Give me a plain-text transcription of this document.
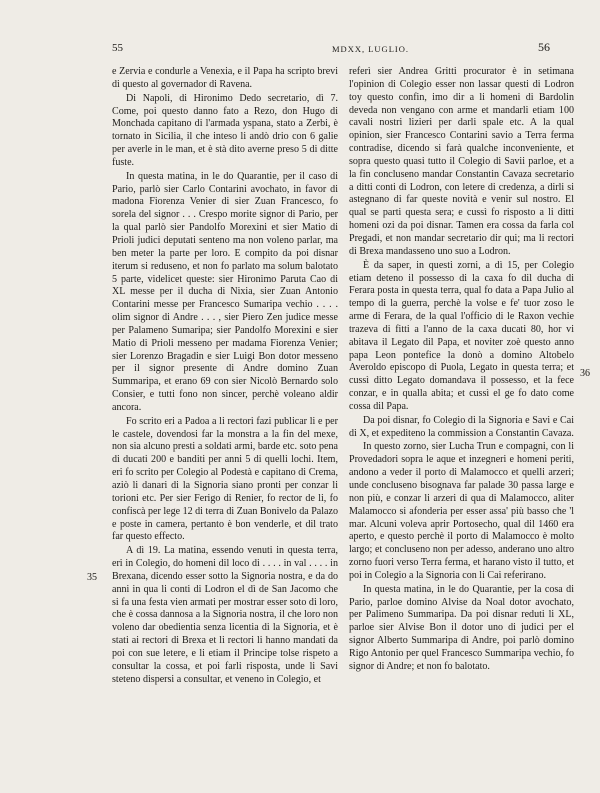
55	MDXX, LUGLIO.	56

e Zervia e condurle a Venexia, e il Papa ha scripto brevi di questo al governador di Ravena.

Di Napoli, di Hironimo Dedo secretario, dì 7. Come, poi questo danno fato a Rezo, don Hugo di Monchada capitano di l'armada yspana, stato a Zerbi, è tornato in Sicilia, il che inteso li andò drio con 6 galie per averle in le man, et è stà dito averne preso 5 di ditte fuste.

In questa matina, in le do Quarantie, per il caso di Pario, parlò sier Carlo Contarini avochato, in favor di madona Fiorenza Venier di sier Zuan Francesco, fo sorela del signor . . . Crespo morite signor di Pario, per la qual parlò sier Pandolfo Morexini et sier Matio di Prioli judici deputati senteno ma non voleno parlar, ma ben meter la parte per loro. E compito da poi disnar iterum si reduseno, et non fo parlato ma solum balotato 5 parte, videlicet queste: sier Hironimo Paruta Cao di XL messe per il ducha di Nixia, sier Zuan Antonio Contarini messe per Francesco Sumaripa vechio . . . . olim signor di Andre . . . , sier Piero Zen judice messe per Palameno Sumaripa; sier Pandolfo Morexini e sier Matio di Prioli messeno per madama Fiorenza Venier; sier Lorenzo Bragadin e sier Luigi Bon dotor messeno per il signor presente di Andre domino Zuan Summaripa, et erano 69 con sier Nicolò Bernardo solo Consier, e tutti fono non sincer, perchè voleano aldir ancora.

Fo scrito eri a Padoa a li rectori fazi publicar li e per le castele, dovendosi far la monstra a la fin del mexe, non sia alcuno presti a soldati armi, barde etc. soto pena di ducati 200 e banditi per anni 5 di quelli lochi. Item, eri fo scrito per Colegio al Podestà e capitano di Crema, aziò li danari di la Signoria siano pronti per conzar li torioni etc. Per sier Ferigo di Renier, fo rector de li, fo confiscà per lege 12 di terra di Zuan Bonivelo da Palazo e poste in camera, pertanto è bon venderle, et dil trato far questo effecto.

A dì 19. La matina, essendo venuti in questa terra, eri in Colegio, do homeni dil loco di . . . . in val . . . . in Brexana, dicendo esser sotto la Signoria nostra, e da do anni in qua li conti di Lodron el dì de San Jacomo che si fa una festa vien armati per mostrar esser soto di loro, che è cossa dannosa a la Signoria nostra, il che loro non voleno dar obedientia senza licentia di la Signoria, et è stati ai rectori di Brexa et li rectori li hanno mandati da poi con sue letere, e li etiam il Principe tolse rispeto a consultar la cossa, et poi farli risposta, unde li Savi steteno dispersi a consultar, et veneno in Colegio, et

referì sier Andrea Gritti procurator è in setimana l'opinion di Colegio esser non lassar questi di Lodron toy questo confin, imo dir a li homeni di Bardolin deveda non vengano con arme et mandarli etiam 100 cavali nostri lizieri per darli spale etc. A la qual opinion, sier Francesco Contarini savio a Terra ferma contradise, dicendo si farà qualche inconveniente, et sopra questo quasi tutto il Colegio di Savii parloe, et a la fin concluseno mandar Constantin Cavaza secretario a ditti conti di Lodron, con letere di credenza, a dirli si astegnano di far queste novità e venir sul nostro. El qual se parti questa sera; e cussì fo risposto a li ditti homeni ozi da poi disnar. Tamen era cossa da farla col Pregadi, et non mandar secretario dir qui; ma li rectori di Brexa mandasseno uno suo a Lodron.

È da saper, in questi zorni, a dì 15, per Colegio etiam deteno il possesso di la caxa fo dil ducha di Ferara posta in questa terra, qual fo data a Papa Julio al tempo di la guerra, perchè la volse e fe' tuor zoso le arme di Ferara, de la qual l'officio di le Raxon vechie trazeva di fitti a l'anno de la caxa ducati 80, hor vi abitava il Legato dil Papa, et noviter zoè questo anno papa Leon pontefice la donò a domino Altobelo Averoldo episcopo di Puola, Legato in questa terra; et cussì ditto Legato domandava il possesso, et la fece conzar, e in qualla abita; et cussì el ge fo dato come cossa dil Papa.

Da poi disnar, fo Colegio di la Signoria e Savi e Cai di X, et expediteno la commission a Constantin Cavaza.

In questo zorno, sier Lucha Trun e compagni, con li Provedadori sopra le aque et inzegneri e homeni periti, andono a veder il porto di Malamocco et quelli arzeri; unde concluseno bisognava far palade 30 passa large e non più, e conzar li arzeri di qua di Malamocco, aliter Malamocco si afonderia per esser assa' più basso che 'l mar. Alcuni voleva aprir Portosecho, qual dil 1460 era aperto, e questo perchè il porto di Malamocco è molto largo; et concluseno non per adesso, anderano uno altro zorno fuori verso Terra ferma, et harano visto il tutto, et poi in Colegio a la Signoria con li Cai referirano.

In questa matina, in le do Quarantie, per la cosa di Pario, parloe domino Alvise da Noal dotor avochato, per Palimeno Summaripa. Da poi disnar reduti li XL, parloe sier Alvise Bon il dotor uno di judici per el signor Alberto Summaripa di Andre, poi parlò domino Rigo Antonio per quel Francesco Summaripa vechio, fo signor di Andre; et non fo balotato.

35
36
